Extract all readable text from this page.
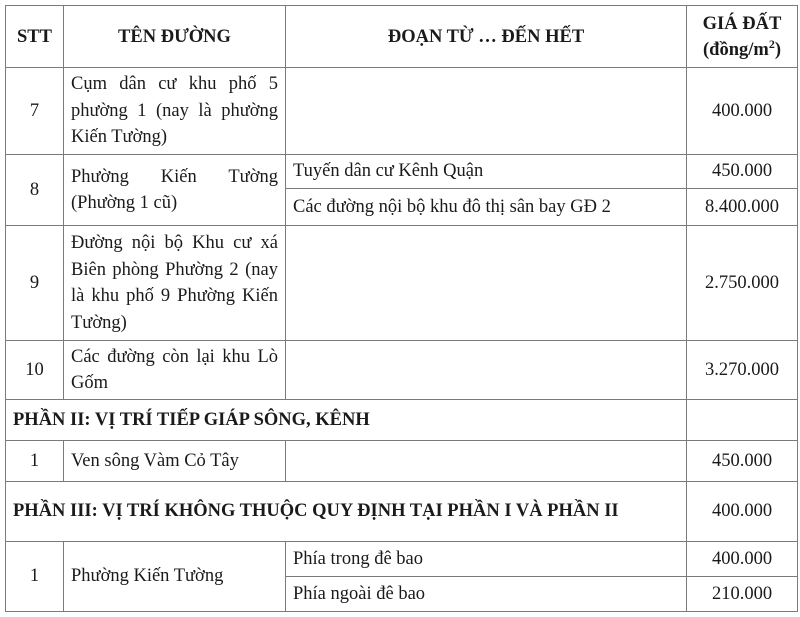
STT	TÊN ĐƯỜNG	ĐOẠN TỪ … ĐẾN HẾT	GIÁ ĐẤT
$(đồng/m^2)$
7	Cụm dân cư khu phố 5 phường 1 (nay là phường Kiến Tường)		400.000
8	Phường Kiến Tường (Phường 1 cũ)	Tuyến dân cư Kênh Quận	450.000
		Các đường nội bộ khu đô thị sân bay GĐ 2	8.400.000
9	Đường nội bộ Khu cư xá Biên phòng Phường 2 (nay là khu phố 9 Phường Kiến Tường)		2.750.000
10	Các đường còn lại khu Lò Gốm		3.270.000
PHẦN II: VỊ TRÍ TIẾP GIÁP SÔNG, KÊNH			
1	Ven sông Vàm Cỏ Tây		450.000
PHẦN III: VỊ TRÍ KHÔNG THUỘC QUY ĐỊNH TẠI PHẦN I VÀ PHẦN II			400.000
1	Phường Kiến Tường	Phía trong đê bao	400.000
		Phía ngoài đê bao	210.000
